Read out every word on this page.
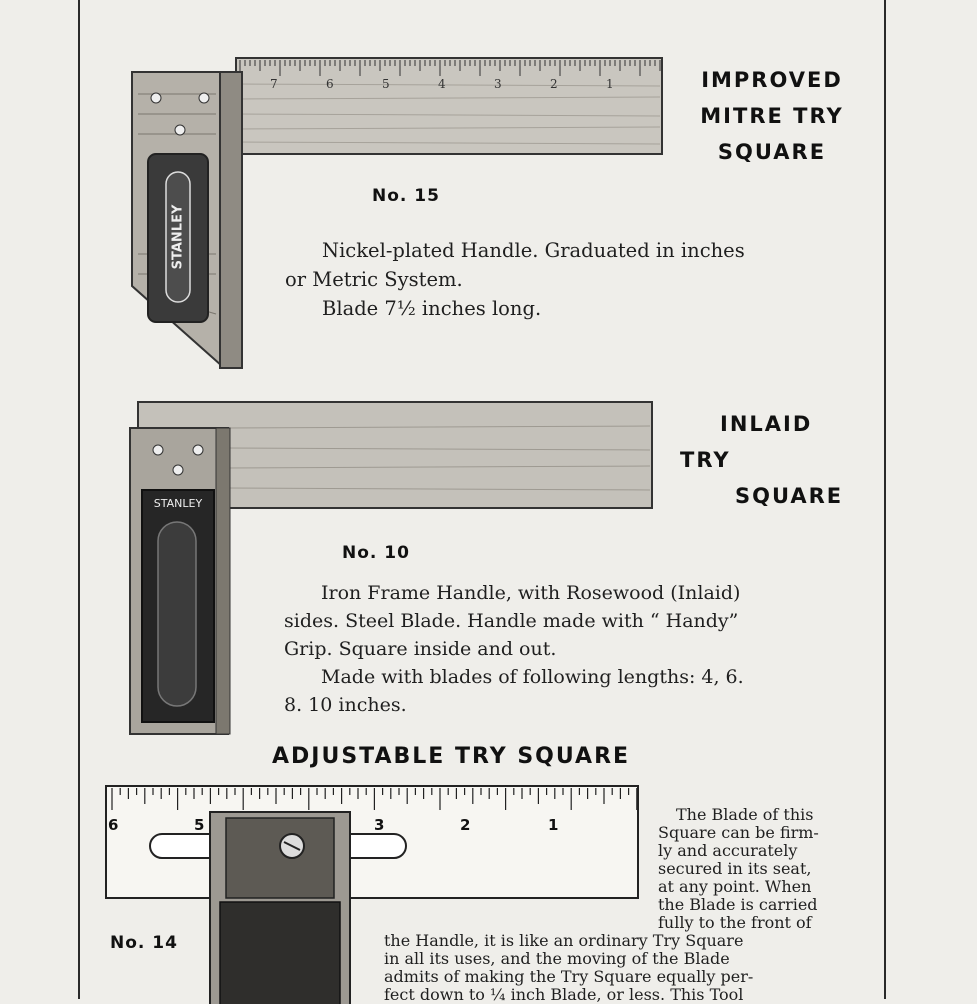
7	6	5	4	3	2	1
STANLEY
IMPROVED
MITRE TRY
SQUARE
No. 15

Nickel-plated Handle. Graduated in inches

or Metric System.

Blade 7½ inches long.

STANLEY
INLAID
TRY
SQUARE
No. 10

Iron Frame Handle, with Rosewood (Inlaid)

sides. Steel Blade. Handle made with “ Handy”

Grip. Square inside and out.

Made with blades of following lengths: 4, 6.

8. 10 inches.

ADJUSTABLE TRY SQUARE
6	5	3	2	1
No. 14
The Blade of this
Square can be firm-
ly and accurately
secured in its seat,
at any point. When
the Blade is carried
fully to the front of
the Handle, it is like an ordinary Try Square
in all its uses, and the moving of the Blade
admits of making the Try Square equally per-
fect down to ¼ inch Blade, or less. This Tool
